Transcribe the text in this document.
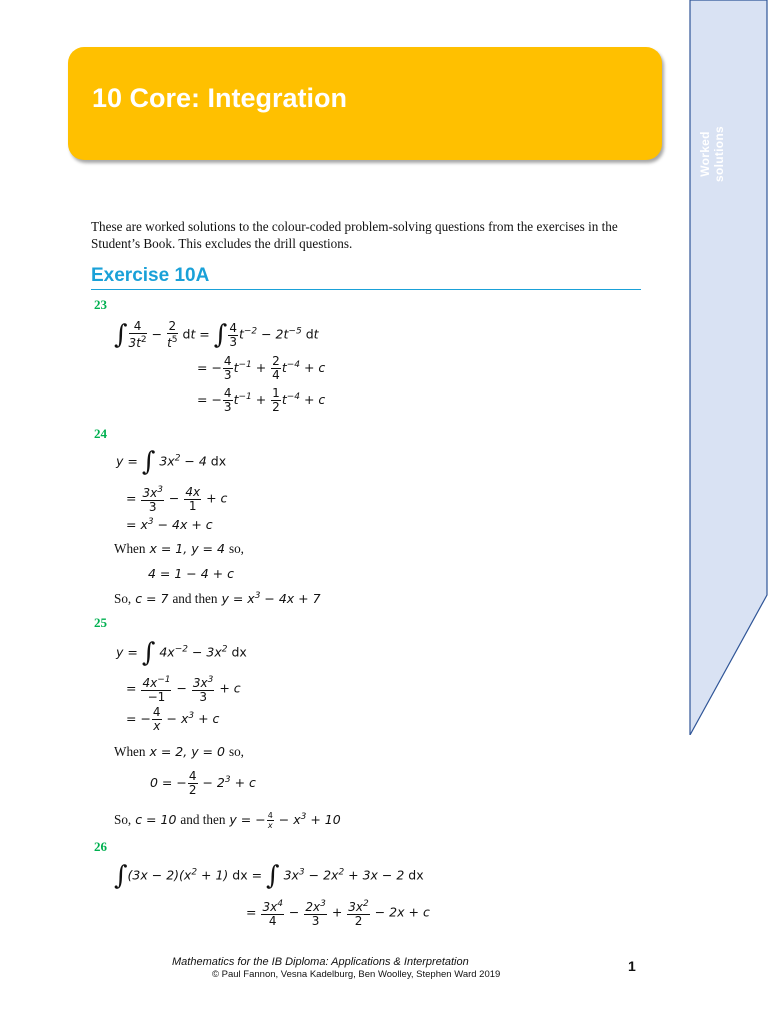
Worked solutions
10 Core: Integration
These are worked solutions to the colour-coded problem-solving questions from the exercises in the Student’s Book. This excludes the drill questions.
Exercise 10A
23
∫ $\frac{4}{3t^2} - \frac{2}{t^5}$ dt = ∫ $\frac{4}{3} t^{-2} - 2t^{-5}$ dt
= − $\frac{4}{3} t^{-1} + \frac{2}{4} t^{-4} + c$
= − $\frac{4}{3} t^{-1} + \frac{1}{2} t^{-4} + c$
24
y = ∫ $3x^2 - 4$ dx
= $\frac{3x^3}{3} - \frac{4x}{1} + c$
= $x^3 - 4x + c$
When x = 1, y = 4 so,
4 = 1 − 4 + c
So, c = 7 and then $y = x^3 - 4x + 7$
25
y = ∫ $4x^{-2} - 3x^2$ dx
= $\frac{4x^{-1}}{-1} - \frac{3x^3}{3} + c$
= − $\frac{4}{x} - x^3 + c$
When x = 2, y = 0 so,
0 = − $\frac{4}{2} - 2^3 + c$
So, c = 10 and then y = − $\frac{4}{x} - x^3 + 10$
26
$\int(3x - 2)(x^2 + 1)$ dx = ∫ $3x^3 - 2x^2 + 3x - 2$ dx
= $\frac{3x^4}{4} - \frac{2x^3}{3} + \frac{3x^2}{2} - 2x + c$
Mathematics for the IB Diploma: Applications & Interpretation
© Paul Fannon, Vesna Kadelburg, Ben Woolley, Stephen Ward 2019
1
